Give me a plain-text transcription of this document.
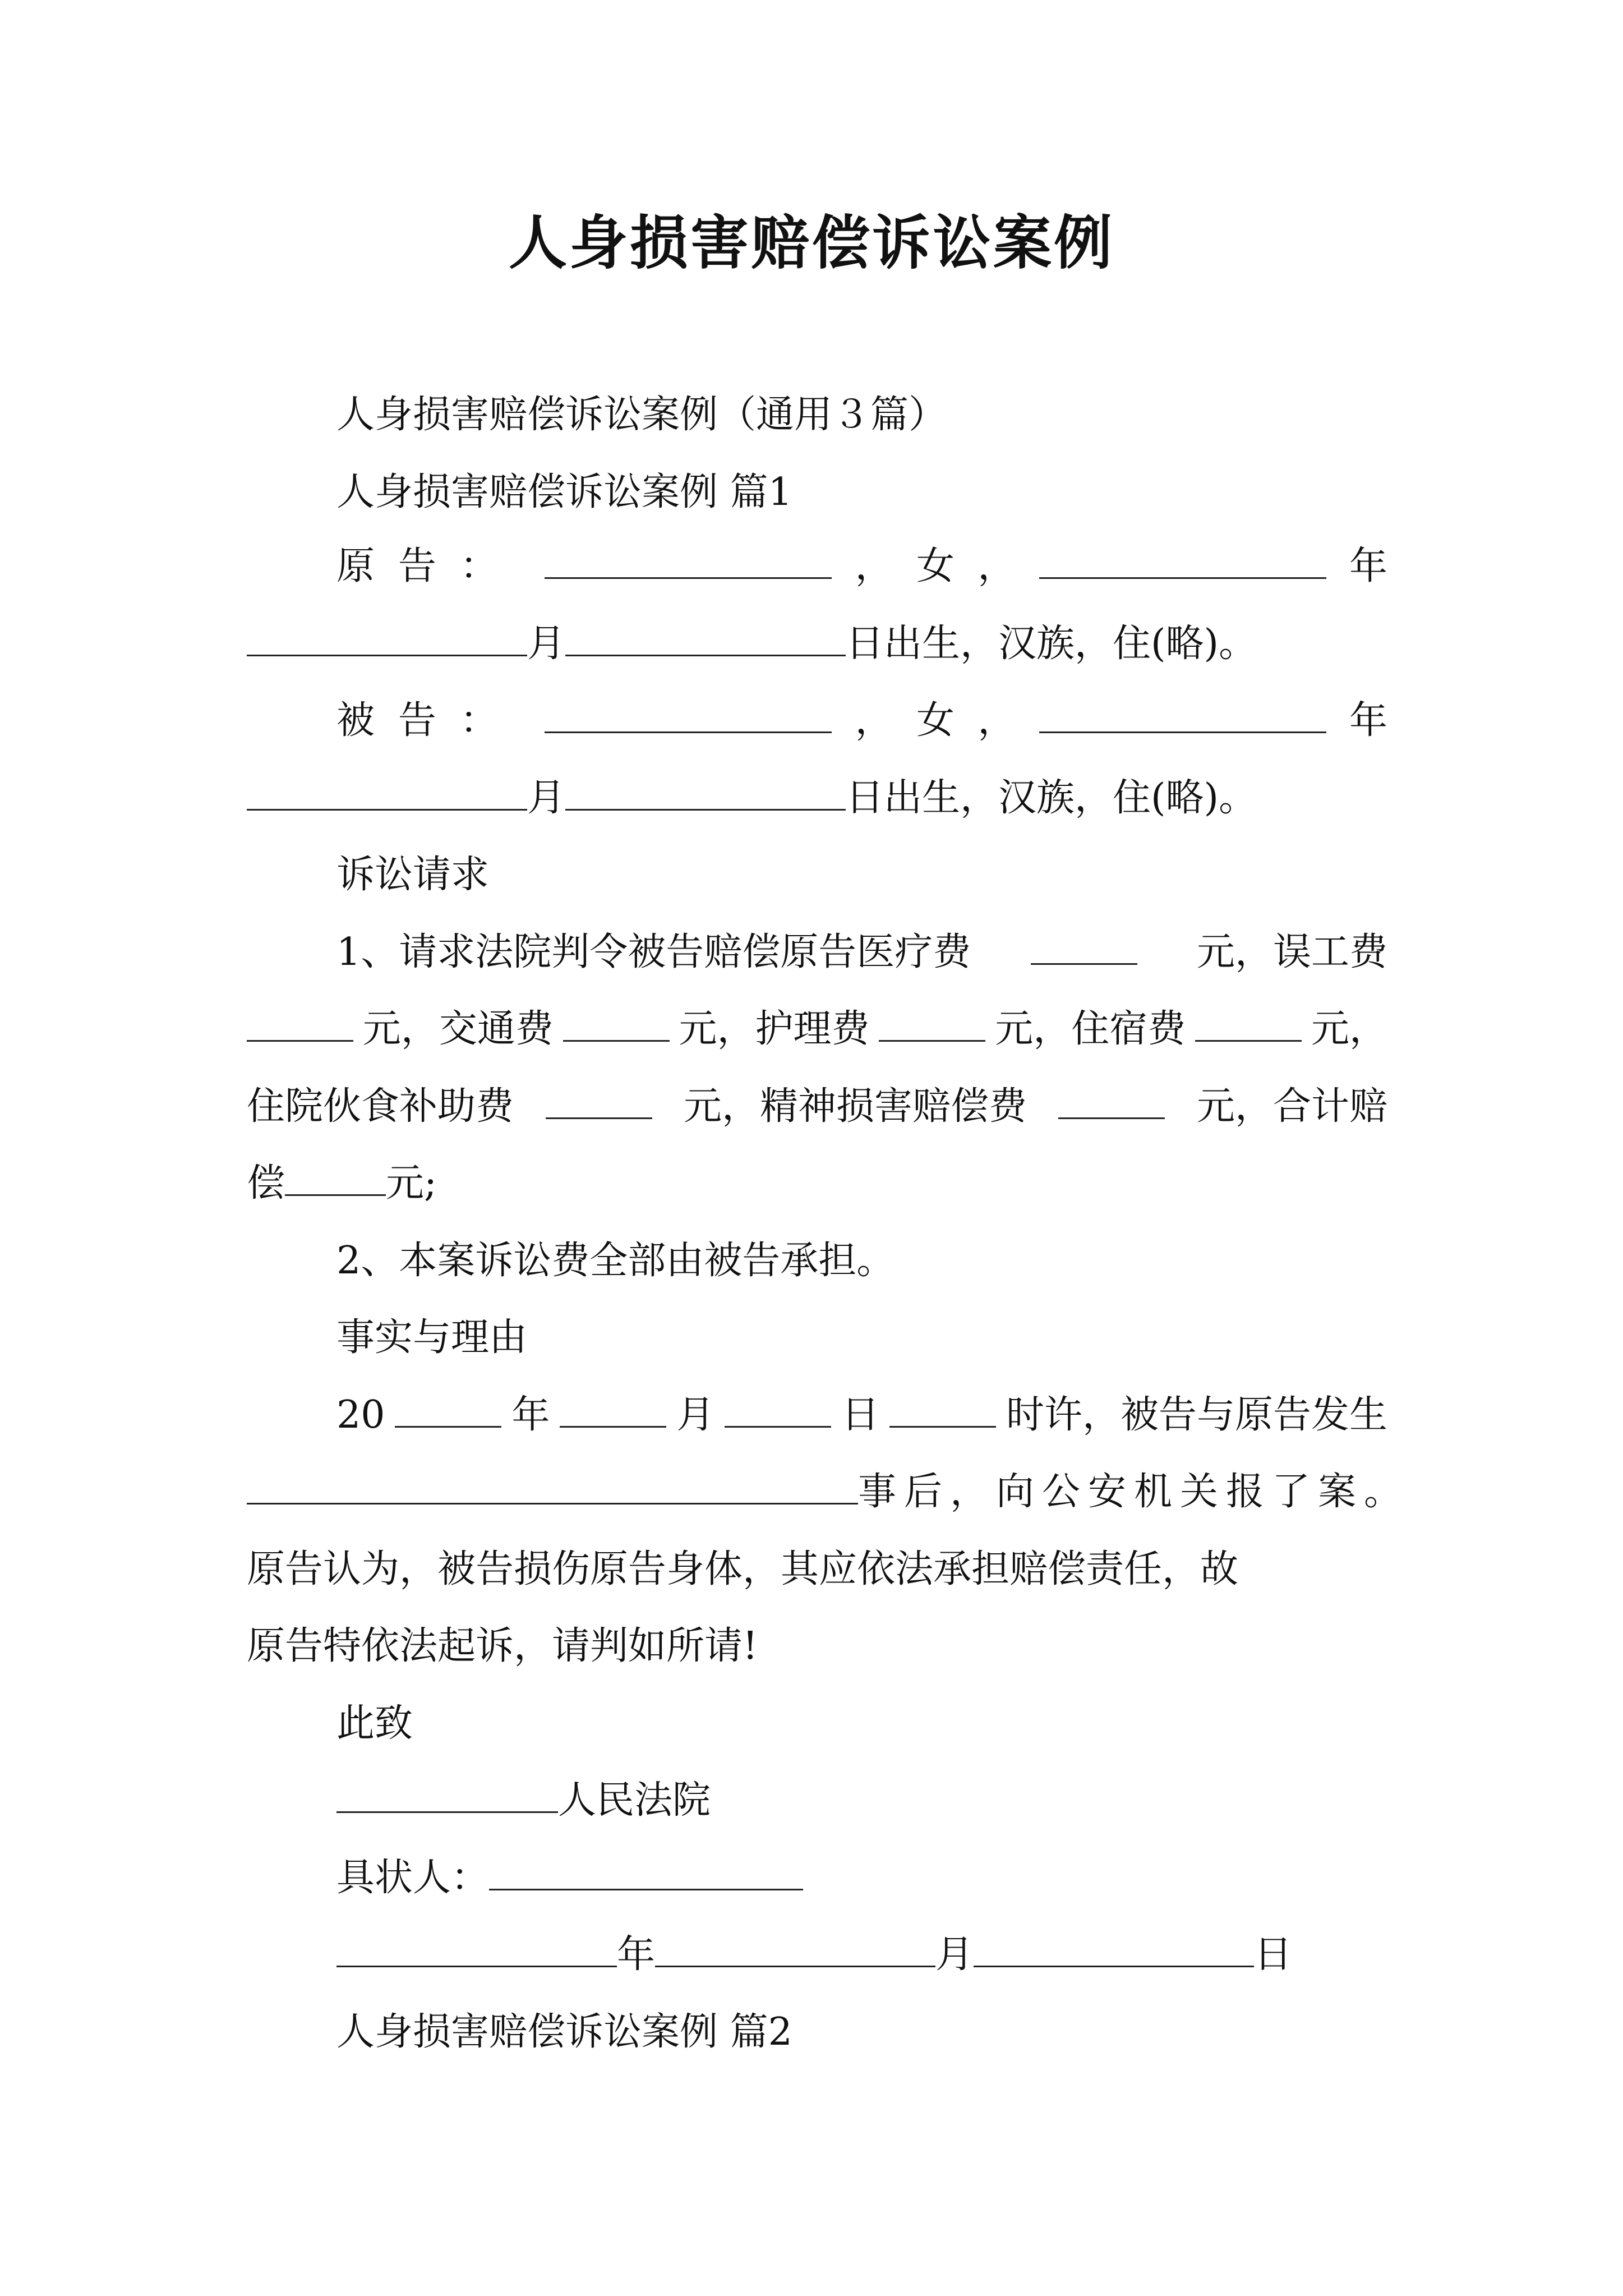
人身损害赔偿诉讼案例
人身损害赔偿诉讼案例（通用３篇）
人身损害赔偿诉讼案例 篇1
原告：	， 女 ，	年
月	日出生，汉族，住(略)。
被告：	， 女 ，	年
月	日出生，汉族，住(略)。
诉讼请求
1、请求法院判令被告赔偿原告医疗费	元，误工费
元，交通费	元，护理费	元，住宿费	元，
住院伙食补助费	元，精神损害赔偿费	元，合计赔
偿	元;
2、本案诉讼费全部由被告承担。
事实与理由
20	年	月	日	时许，被告与原告发生
事后，向公安机关报了案。
原告认为，被告损伤原告身体，其应依法承担赔偿责任，故
原告特依法起诉，请判如所请!
此致
人民法院
具状人：
年	月	日
人身损害赔偿诉讼案例 篇2
